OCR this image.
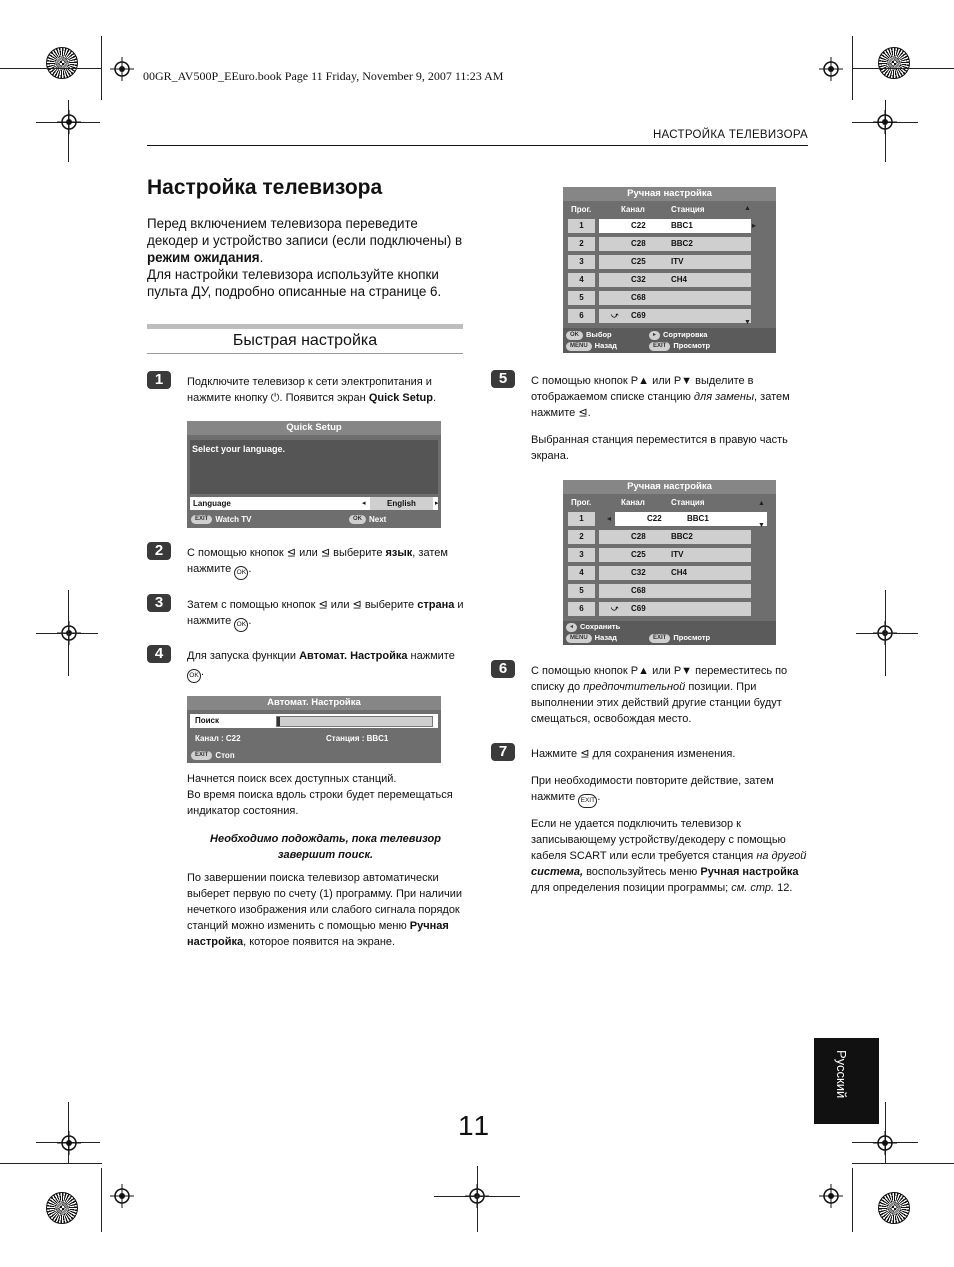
00GR_AV500P_EEuro.book Page 11 Friday, November 9, 2007 11:23 AM
НАСТРОЙКА ТЕЛЕВИЗОРА
Настройка телевизора
Перед включением телевизора переведите декодер и устройство записи (если подключены) в режим ожидания.
Для настройки телевизора используйте кнопки пульта ДУ, подробно описанные на странице 6.
Быстрая настройка
1	Подключите телевизор к сети электропитания и нажмите кнопку ⏻. Появится экран Quick Setup.
Quick Setup
Select your language.
Language	◂	English	▸
EXIT Watch TV	OK Next
2	С помощью кнопок ⊴ или ⊴ выберите язык, затем нажмите OK .
3	Затем с помощью кнопок ⊴ или ⊴ выберите страна и нажмите OK .
4	Для запуска функции Автомат. Настройка нажмите OK .
Автомат. Настройка
Поиск
Канал : C22	Станция : BBC1
EXIT Стоп
Начнется поиск всех доступных станций.
Во время поиска вдоль строки будет перемещаться индикатор состояния.
Необходимо подождать, пока телевизор завершит поиск.
По завершении поиска телевизор автоматически выберет первую по счету (1) программу. При наличии нечеткого изображения или слабого сигнала порядок станций можно изменить с помощью меню Ручная настройка, которое появится на экране.
Ручная настройка
Прог.	Канал	Станция	▲
1	C22	BBC1	▸
2	C28	BBC2
3	C25	ITV
4	C32	CH4
5	C68
6	⤻ C69
▼
OK Выбор	▸ Сортировка
MENU Назад	EXIT Просмотр
5	С помощью кнопок P▲ или P▼ выделите в отображаемом списке станцию для замены, затем нажмите ⊴.
Выбранная станция переместится в правую часть экрана.
Ручная настройка
Прог.	Канал	Станция	▲
1	C22	BBC1
◂
2	C28	BBC2
3	C25	ITV
4	C32	CH4
5	C68
6	⤻ C69
▼
◂ Сохранить
MENU Назад	EXIT Просмотр
6	С помощью кнопок P▲ или P▼ переместитесь по списку до предпочтительной позиции. При выполнении этих действий другие станции будут смещаться, освобождая место.
7	Нажмите ⊴ для сохранения изменения.
При необходимости повторите действие, затем нажмите EXIT .
Если не удается подключить телевизор к записывающему устройству/декодеру с помощью кабеля SCART или если требуется станция на другой система, воспользуйтесь меню Ручная настройка для определения позиции программы; см. стр. 12.
Русский
11
